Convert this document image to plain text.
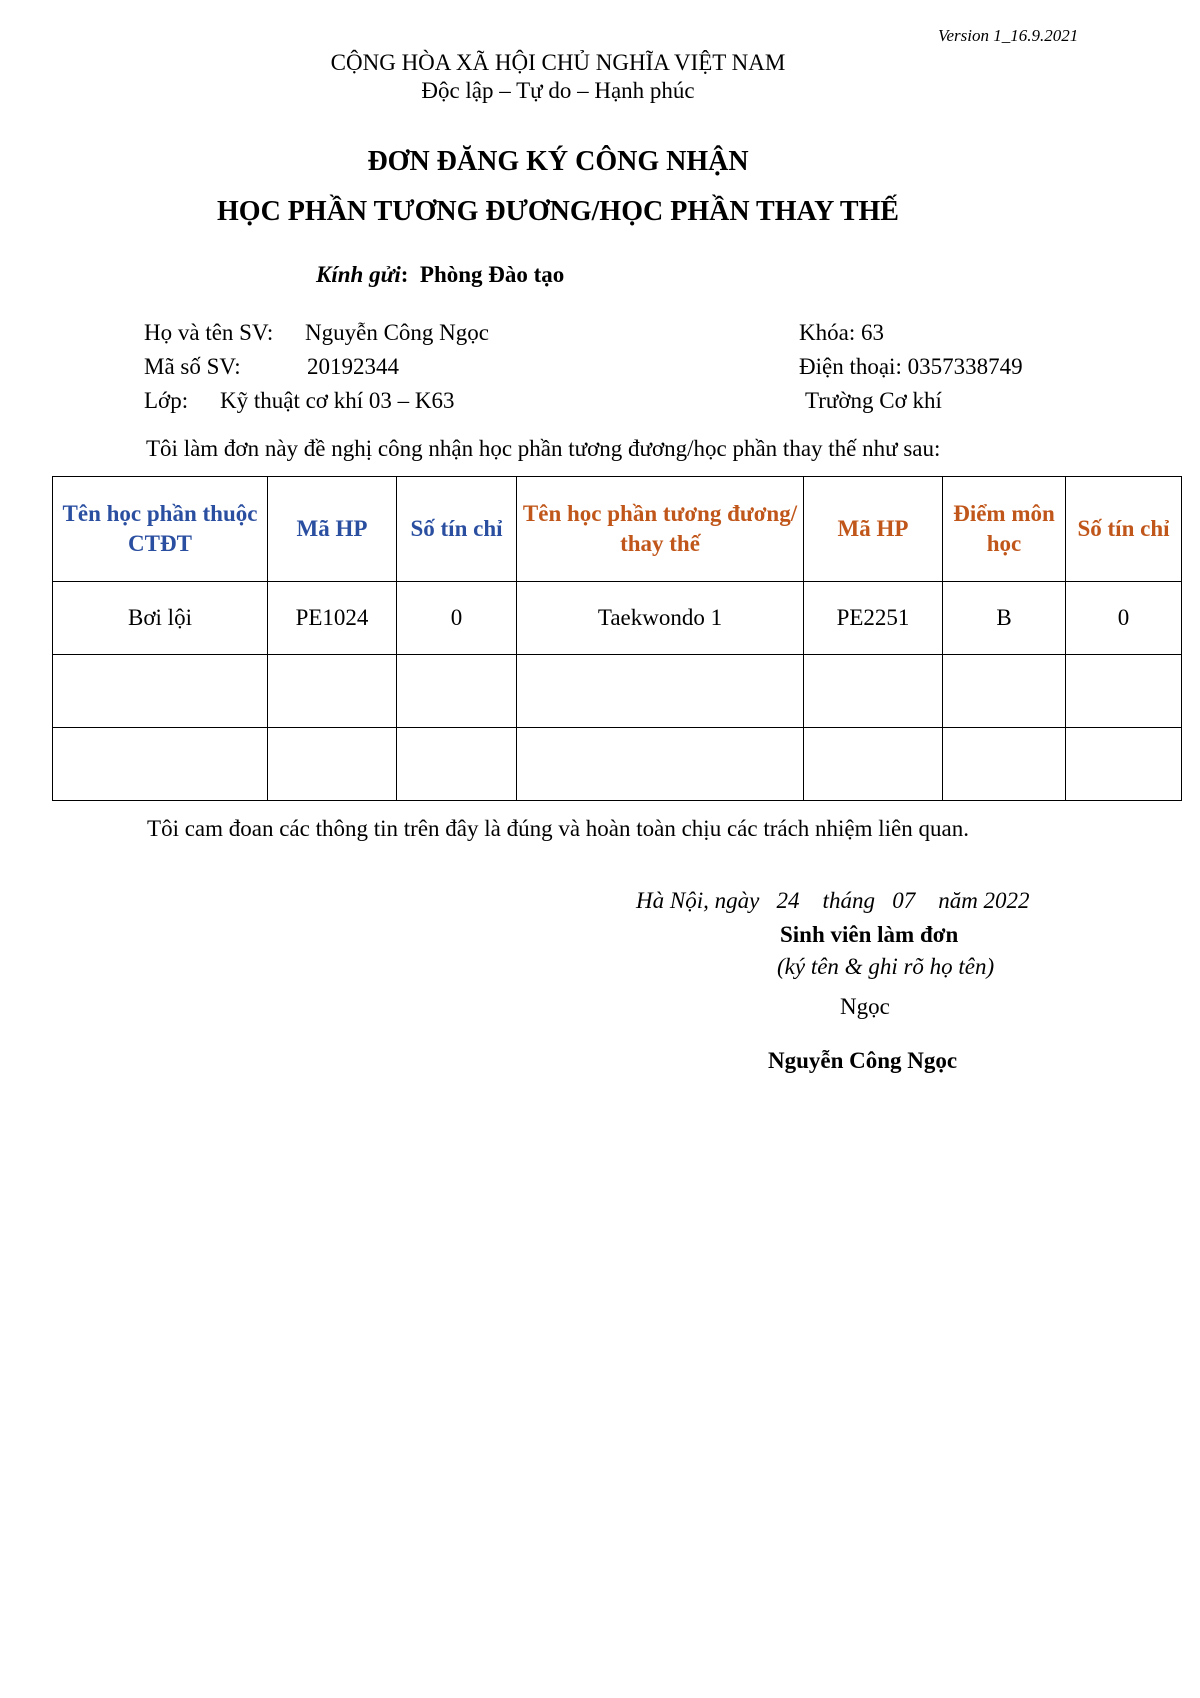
Version 1_16.9.2021
CỘNG HÒA XÃ HỘI CHỦ NGHĨA VIỆT NAM
Độc lập – Tự do – Hạnh phúc
ĐƠN ĐĂNG KÝ CÔNG NHẬN
HỌC PHẦN TƯƠNG ĐƯƠNG/HỌC PHẦN THAY THẾ
Kính gửi:  Phòng Đào tạo
Họ và tên SV: Nguyễn Công Ngọc	Khóa: 63
Mã số SV:	20192344	Điện thoại: 0357338749
Lớp: Kỹ thuật cơ khí 03 – K63	Trường Cơ khí
Tôi làm đơn này đề nghị công nhận học phần tương đương/học phần thay thế như sau:
Tên học phần thuộc CTĐT	Mã HP	Số tín chỉ	Tên học phần tương đương/ thay thế	Mã HP	Điểm môn học	Số tín chỉ
Bơi lội	PE1024	0	Taekwondo 1	PE2251	B	0

Tôi cam đoan các thông tin trên đây là đúng và hoàn toàn chịu các trách nhiệm liên quan.
Hà Nội, ngày   24    tháng   07    năm 2022
Sinh viên làm đơn
(ký tên & ghi rõ họ tên)
Ngọc
Nguyễn Công Ngọc
